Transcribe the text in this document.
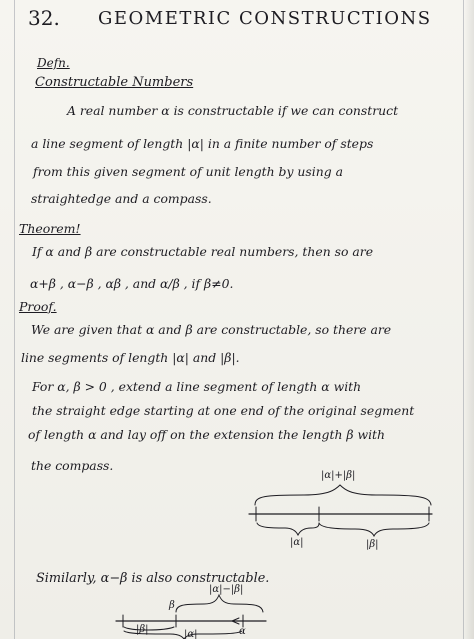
32. GEOMETRIC CONSTRUCTIONS
Defn.
Constructable Numbers
A real number α is constructable if we can construct
a line segment of length |α| in a finite number of steps
from this given segment of unit length by using a
straightedge and a compass.
Theorem!
If α and β are constructable real numbers, then so are
α+β , α−β , αβ , and α/β , if β≠0.
Proof.
We are given that α and β are constructable, so there are
line segments of length |α| and |β|.
For α, β > 0 , extend a line segment of length α with
the straight edge starting at one end of the original segment
of length α and lay off on the extension the length β with
the compass.
Similarly, α−β is also constructable.
|α|+|β|
|α|	|β|
|α|−|β|
β
α
|β|	|α|
